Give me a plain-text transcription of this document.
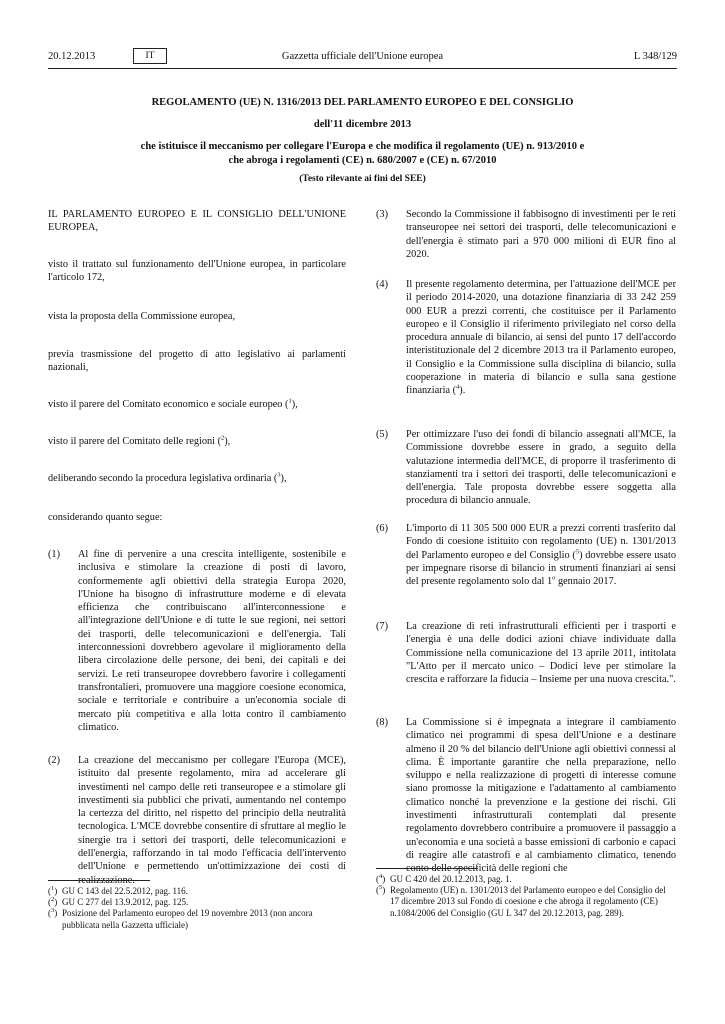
20.12.2013	IT	Gazzetta ufficiale dell'Unione europea	L 348/129
REGOLAMENTO (UE) N. 1316/2013 DEL PARLAMENTO EUROPEO E DEL CONSIGLIO
dell'11 dicembre 2013
che istituisce il meccanismo per collegare l'Europa e che modifica il regolamento (UE) n. 913/2010 e
che abroga i regolamenti (CE) n. 680/2007 e (CE) n. 67/2010
(Testo rilevante ai fini del SEE)

IL PARLAMENTO EUROPEO E IL CONSIGLIO DELL'UNIONE EUROPEA,

visto il trattato sul funzionamento dell'Unione europea, in particolare l'articolo 172,

vista la proposta della Commissione europea,

previa trasmissione del progetto di atto legislativo ai parlamenti nazionali,

visto il parere del Comitato economico e sociale europeo ($^1$),

visto il parere del Comitato delle regioni ($^2$),

deliberando secondo la procedura legislativa ordinaria ($^3$),

considerando quanto segue:

(1)	Al fine di pervenire a una crescita intelligente, sostenibile e inclusiva e stimolare la creazione di posti di lavoro, conformemente agli obiettivi della strategia Europa 2020, l'Unione ha bisogno di infrastrutture moderne e di elevata efficienza che contribuiscano all'interconnessione e all'integrazione dell'Unione e di tutte le sue regioni, nei settori dei trasporti, delle telecomunicazioni e dell'energia. Tali interconnessioni dovrebbero agevolare il miglioramento della libera circolazione delle persone, dei beni, dei capitali e dei servizi. Le reti transeuropee dovrebbero favorire i collegamenti transfrontalieri, promuovere una maggiore coesione economica, sociale e territoriale e contribuire a un'economia sociale di mercato più competitiva e alla lotta contro il cambiamento climatico.

(2)	La creazione del meccanismo per collegare l'Europa (MCE), istituito dal presente regolamento, mira ad accelerare gli investimenti nel campo delle reti transeuropee e a stimolare gli investimenti sia pubblici che privati, aumentando nel contempo la certezza del diritto, nel rispetto del principio della neutralità tecnologica. L'MCE dovrebbe consentire di sfruttare al meglio le sinergie tra i settori dei trasporti, delle telecomunicazioni e dell'energia, rafforzando in tal modo l'efficacia dell'intervento dell'Unione e permettendo un'ottimizzazione dei costi di realizzazione.

($^1$) GU C 143 del 22.5.2012, pag. 116.
($^2$) GU C 277 del 13.9.2012, pag. 125.
($^3$) Posizione del Parlamento europeo del 19 novembre 2013 (non ancora pubblicata nella Gazzetta ufficiale)
(3)	Secondo la Commissione il fabbisogno di investimenti per le reti transeuropee nei settori dei trasporti, delle telecomunicazioni e dell'energia è stimato pari a 970 000 milioni di EUR fino al 2020.

(4)	Il presente regolamento determina, per l'attuazione dell'MCE per il periodo 2014-2020, una dotazione finanziaria di 33 242 259 000 EUR a prezzi correnti, che costituisce per il Parlamento europeo e il Consiglio il riferimento privilegiato nel corso della procedura annuale di bilancio, ai sensi del punto 17 dell'accordo interistituzionale del 2 dicembre 2013 tra il Parlamento europeo, il Consiglio e la Commissione sulla disciplina di bilancio, sulla cooperazione in materia di bilancio e sulla sana gestione finanziaria ($^4$).

(5)	Per ottimizzare l'uso dei fondi di bilancio assegnati all'MCE, la Commissione dovrebbe essere in grado, a seguito della valutazione intermedia dell'MCE, di proporre il trasferimento di stanziamenti tra i settori dei trasporti, delle telecomunicazioni e dell'energia. Tale proposta dovrebbe essere soggetta alla procedura di bilancio annuale.

(6)	L'importo di 11 305 500 000 EUR a prezzi correnti trasferito dal Fondo di coesione istituito con regolamento (UE) n. 1301/2013 del Parlamento europeo e del Consiglio ($^5$) dovrebbe essere usato per impegnare risorse di bilancio in strumenti finanziari ai sensi del presente regolamento solo dal 1$^o$ gennaio 2017.

(7)	La creazione di reti infrastrutturali efficienti per i trasporti e l'energia è una delle dodici azioni chiave individuate dalla Commissione nella comunicazione del 13 aprile 2011, intitolata "L'Atto per il mercato unico – Dodici leve per stimolare la crescita e rafforzare la fiducia – Insieme per una nuova crescita.".

(8)	La Commissione si è impegnata a integrare il cambiamento climatico nei programmi di spesa dell'Unione e a destinare almeno il 20 % del bilancio dell'Unione agli obiettivi connessi al clima. È importante garantire che nella preparazione, nello sviluppo e nella realizzazione di progetti di interesse comune siano promosse la mitigazione e l'adattamento al cambiamento climatico nonché la prevenzione e la gestione dei rischi. Gli investimenti infrastrutturali contemplati dal presente regolamento dovrebbero contribuire a promuovere il passaggio a un'economia e una società a basse emissioni di carbonio e capaci di reagire alle catastrofi e al cambiamento climatico, tenendo conto delle specificità delle regioni che

($^4$) GU C 420 del 20.12.2013, pag. 1.
($^5$) Regolamento (UE) n. 1301/2013 del Parlamento europeo e del Consiglio del 17 dicembre 2013 sul Fondo di coesione e che abroga il regolamento (CE) n.1084/2006 del Consiglio (GU L 347 del 20.12.2013, pag. 289).
